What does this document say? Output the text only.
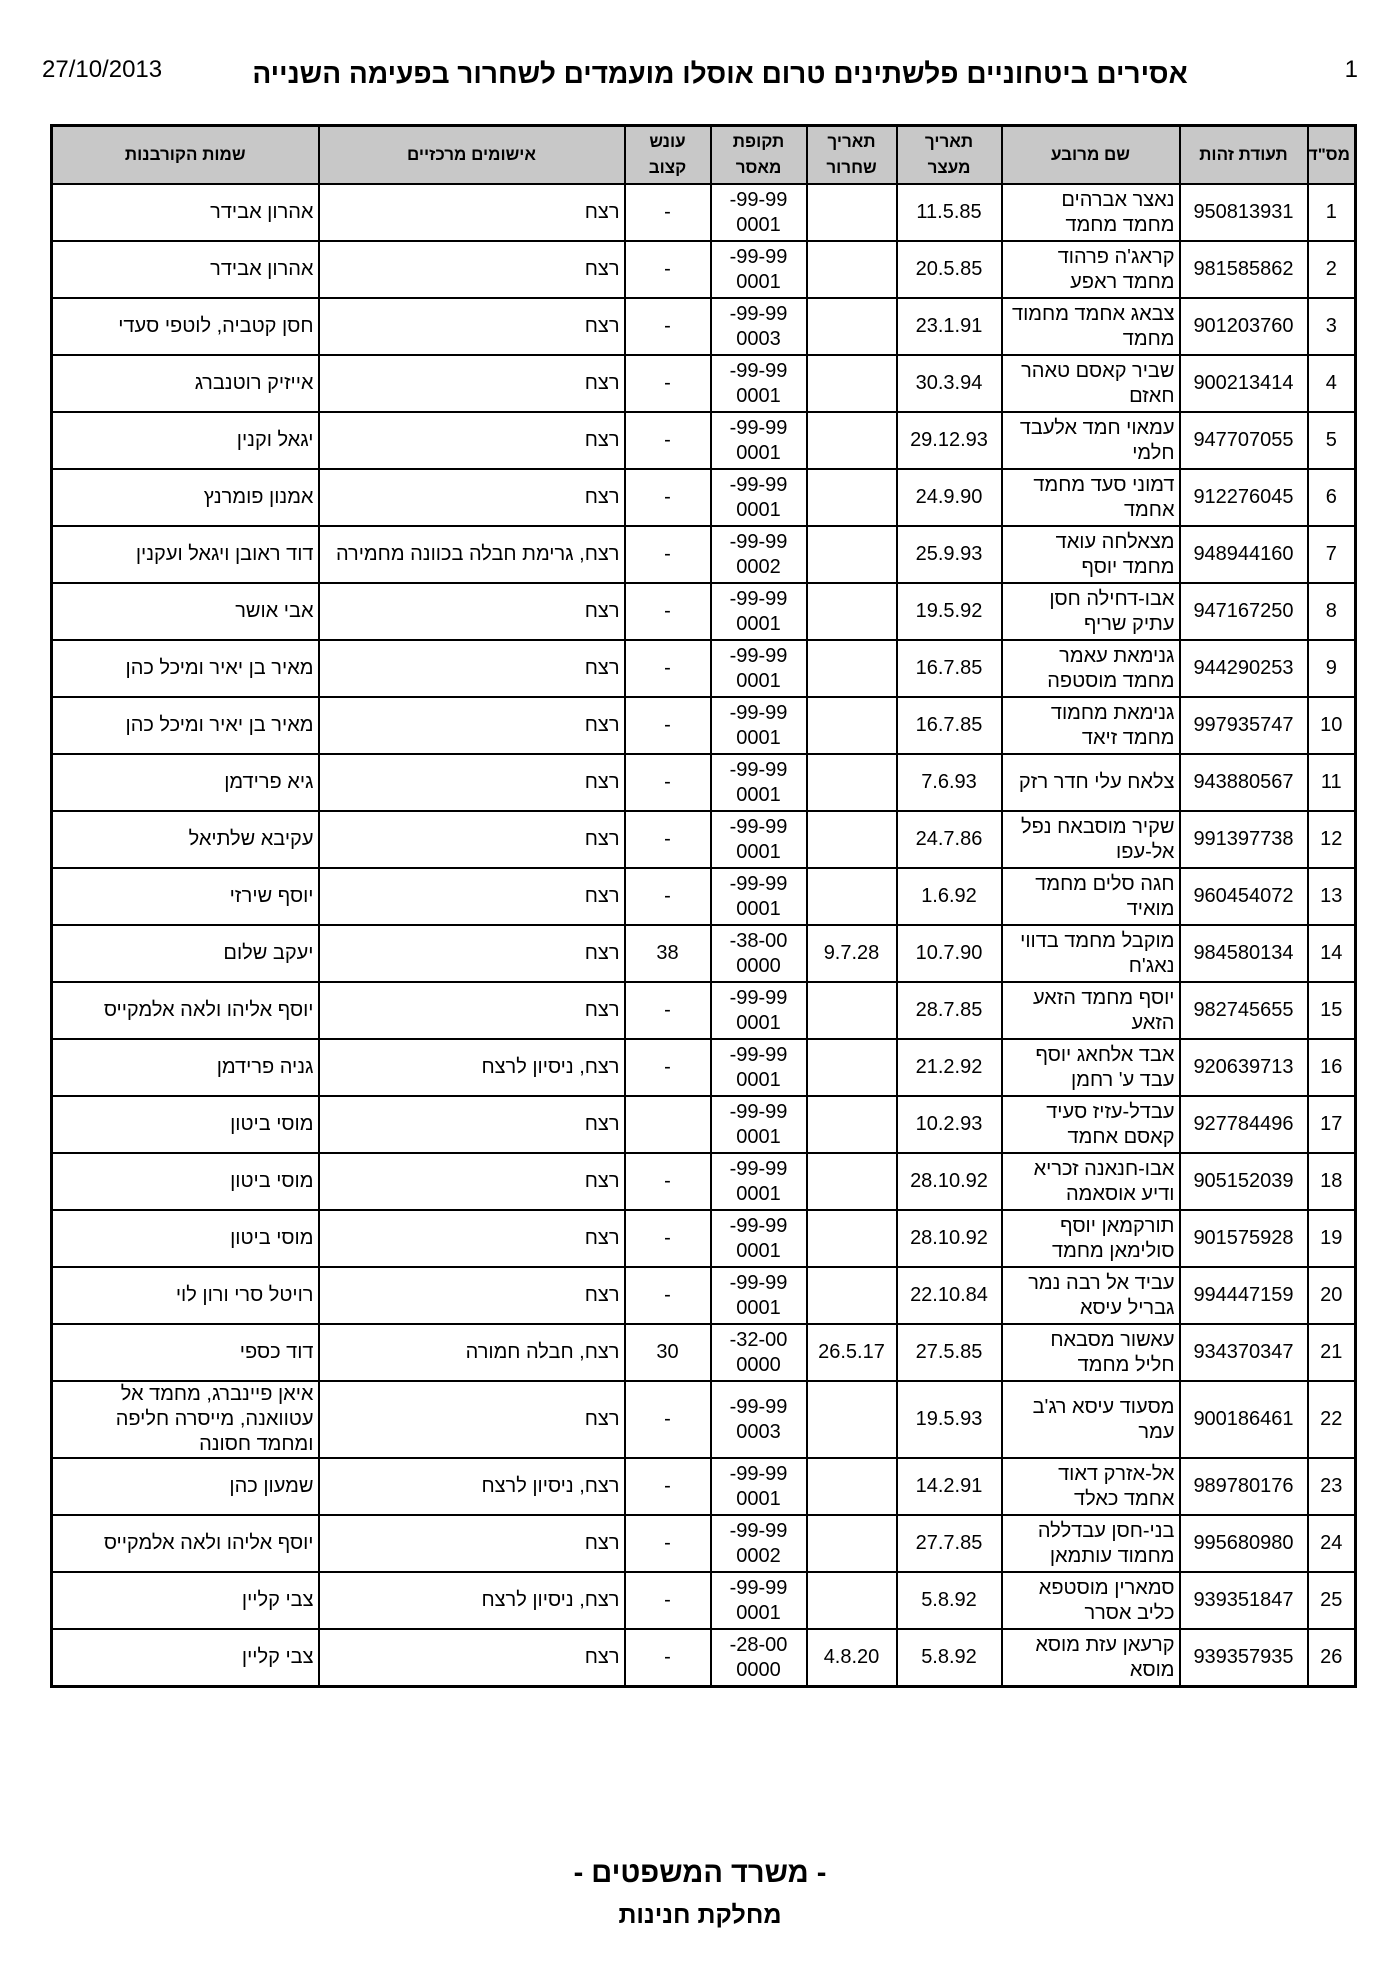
27/10/2013	אסירים ביטחוניים פלשתינים טרום אוסלו מועמדים לשחרור בפעימה השנייה	1
מס"ד	תעודת זהות	שם מרובע	תאריך מעצר	תאריך שחרור	תקופת מאסר	עונש קצוב	אישומים מרכזיים	שמות הקורבנות
1	950813931	נאצר אברהים מחמד מחמד	11.5.85		-99-99 0001	-	רצח	אהרון אבידר
2	981585862	קראג'ה פרהוד מחמד ראפע	20.5.85		-99-99 0001	-	רצח	אהרון אבידר
3	901203760	צבאג אחמד מחמוד מחמד	23.1.91		-99-99 0003	-	רצח	חסן קטביה, לוטפי סעדי
4	900213414	שביר קאסם טאהר חאזם	30.3.94		-99-99 0001	-	רצח	אייזיק רוטנברג
5	947707055	עמאוי חמד אלעבד חלמי	29.12.93		-99-99 0001	-	רצח	יגאל וקנין
6	912276045	דמוני סעד מחמד אחמד	24.9.90		-99-99 0001	-	רצח	אמנון פומרנץ
7	948944160	מצאלחה עואד מחמד יוסף	25.9.93		-99-99 0002	-	רצח, גרימת חבלה בכוונה מחמירה	דוד ראובן ויגאל ועקנין
8	947167250	אבו-דחילה חסן עתיק שריף	19.5.92		-99-99 0001	-	רצח	אבי אושר
9	944290253	גנימאת עאמר מחמד מוסטפה	16.7.85		-99-99 0001	-	רצח	מאיר בן יאיר ומיכל כהן
10	997935747	גנימאת מחמוד מחמד זיאד	16.7.85		-99-99 0001	-	רצח	מאיר בן יאיר ומיכל כהן
11	943880567	צלאח עלי חדר רזק	7.6.93		-99-99 0001	-	רצח	גיא פרידמן
12	991397738	שקיר מוסבאח נפל אל-עפו	24.7.86		-99-99 0001	-	רצח	עקיבא שלתיאל
13	960454072	חגה סלים מחמד מואיד	1.6.92		-99-99 0001	-	רצח	יוסף שירזי
14	984580134	מוקבל מחמד בדווי נאג'ח	10.7.90	9.7.28	-38-00 0000	38	רצח	יעקב שלום
15	982745655	יוסף מחמד הזאע הזאע	28.7.85		-99-99 0001	-	רצח	יוסף אליהו ולאה אלמקייס
16	920639713	אבד אלחאג יוסף עבד ע' רחמן	21.2.92		-99-99 0001	-	רצח, ניסיון לרצח	גניה פרידמן
17	927784496	עבדל-עזיז סעיד קאסם אחמד	10.2.93		-99-99 0001		רצח	מוסי ביטון
18	905152039	אבו-חנאנה זכריא ודיע אוסאמה	28.10.92		-99-99 0001	-	רצח	מוסי ביטון
19	901575928	תורקמאן יוסף סולימאן מחמד	28.10.92		-99-99 0001	-	רצח	מוסי ביטון
20	994447159	עביד אל רבה נמר גבריל עיסא	22.10.84		-99-99 0001	-	רצח	רויטל סרי ורון לוי
21	934370347	עאשור מסבאח חליל מחמד	27.5.85	26.5.17	-32-00 0000	30	רצח, חבלה חמורה	דוד כספי
22	900186461	מסעוד עיסא רג'ב עמר	19.5.93		-99-99 0003	-	רצח	איאן פיינברג, מחמד אל עטוואנה, מייסרה חליפה ומחמד חסונה
23	989780176	אל-אזרק דאוד אחמד כאלד	14.2.91		-99-99 0001	-	רצח, ניסיון לרצח	שמעון כהן
24	995680980	בני-חסן עבדללה מחמוד עותמאן	27.7.85		-99-99 0002	-	רצח	יוסף אליהו ולאה אלמקייס
25	939351847	סמארין מוסטפא כליב אסרר	5.8.92		-99-99 0001	-	רצח, ניסיון לרצח	צבי קליין
26	939357935	קרעאן עזת מוסא מוסא	5.8.92	4.8.20	-28-00 0000	-	רצח	צבי קליין
- משרד המשפטים -
מחלקת חנינות
